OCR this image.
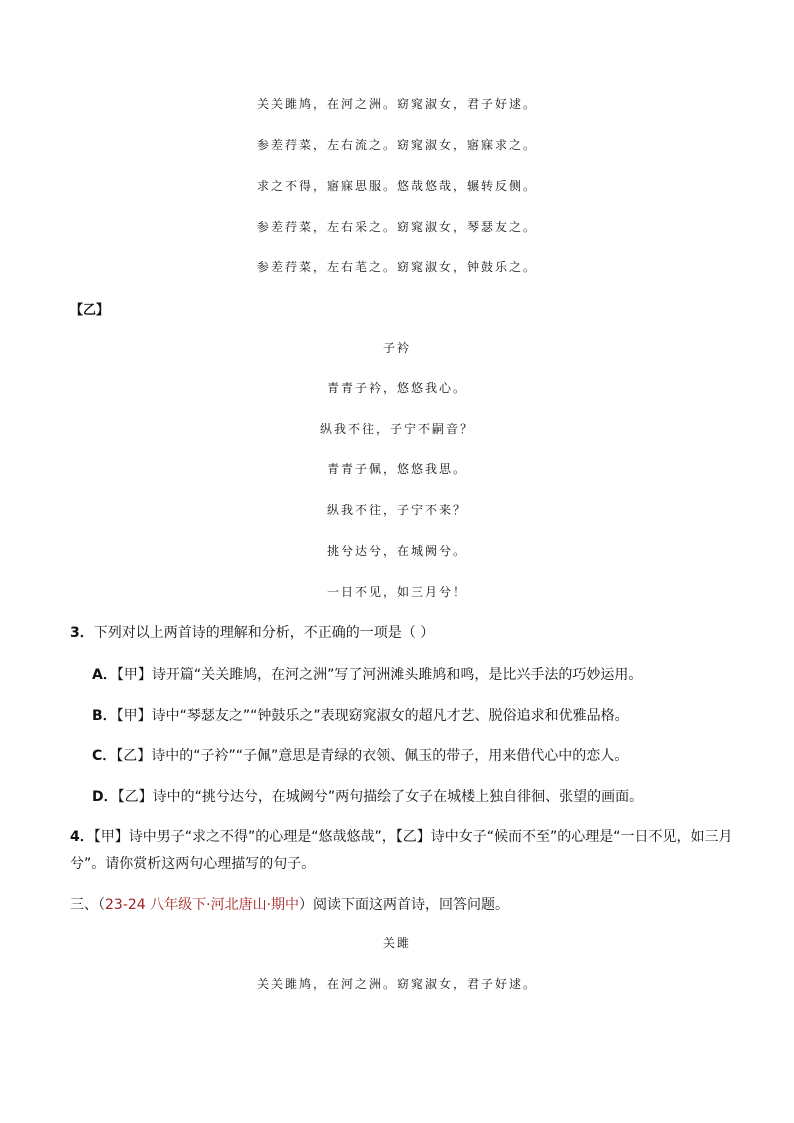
关关雎鸠，在河之洲。窈窕淑女，君子好逑。
参差荇菜，左右流之。窈窕淑女，寤寐求之。
求之不得，寤寐思服。悠哉悠哉，辗转反侧。
参差荇菜，左右采之。窈窕淑女，琴瑟友之。
参差荇菜，左右芼之。窈窕淑女，钟鼓乐之。
【乙】
子衿
青青子衿，悠悠我心。
纵我不往，子宁不嗣音？
青青子佩，悠悠我思。
纵我不往，子宁不来？
挑兮达兮，在城阙兮。
一日不见，如三月兮！
3．下列对以上两首诗的理解和分析，不正确的一项是（ ）
A．【甲】诗开篇“关关雎鸠，在河之洲”写了河洲滩头雎鸠和鸣，是比兴手法的巧妙运用。
B．【甲】诗中“琴瑟友之”“钟鼓乐之”表现窈窕淑女的超凡才艺、脱俗追求和优雅品格。
C．【乙】诗中的“子衿”“子佩”意思是青绿的衣领、佩玉的带子，用来借代心中的恋人。
D．【乙】诗中的“挑兮达兮，在城阙兮”两句描绘了女子在城楼上独自徘徊、张望的画面。
4．【甲】诗中男子“求之不得”的心理是“悠哉悠哉”，【乙】诗中女子“候而不至”的心理是“一日不见，如三月
兮”。请你赏析这两句心理描写的句子。
三、（23-24 八年级下·河北唐山·期中）阅读下面这两首诗，回答问题。
关雎
关关雎鸠，在河之洲。窈窕淑女，君子好逑。
